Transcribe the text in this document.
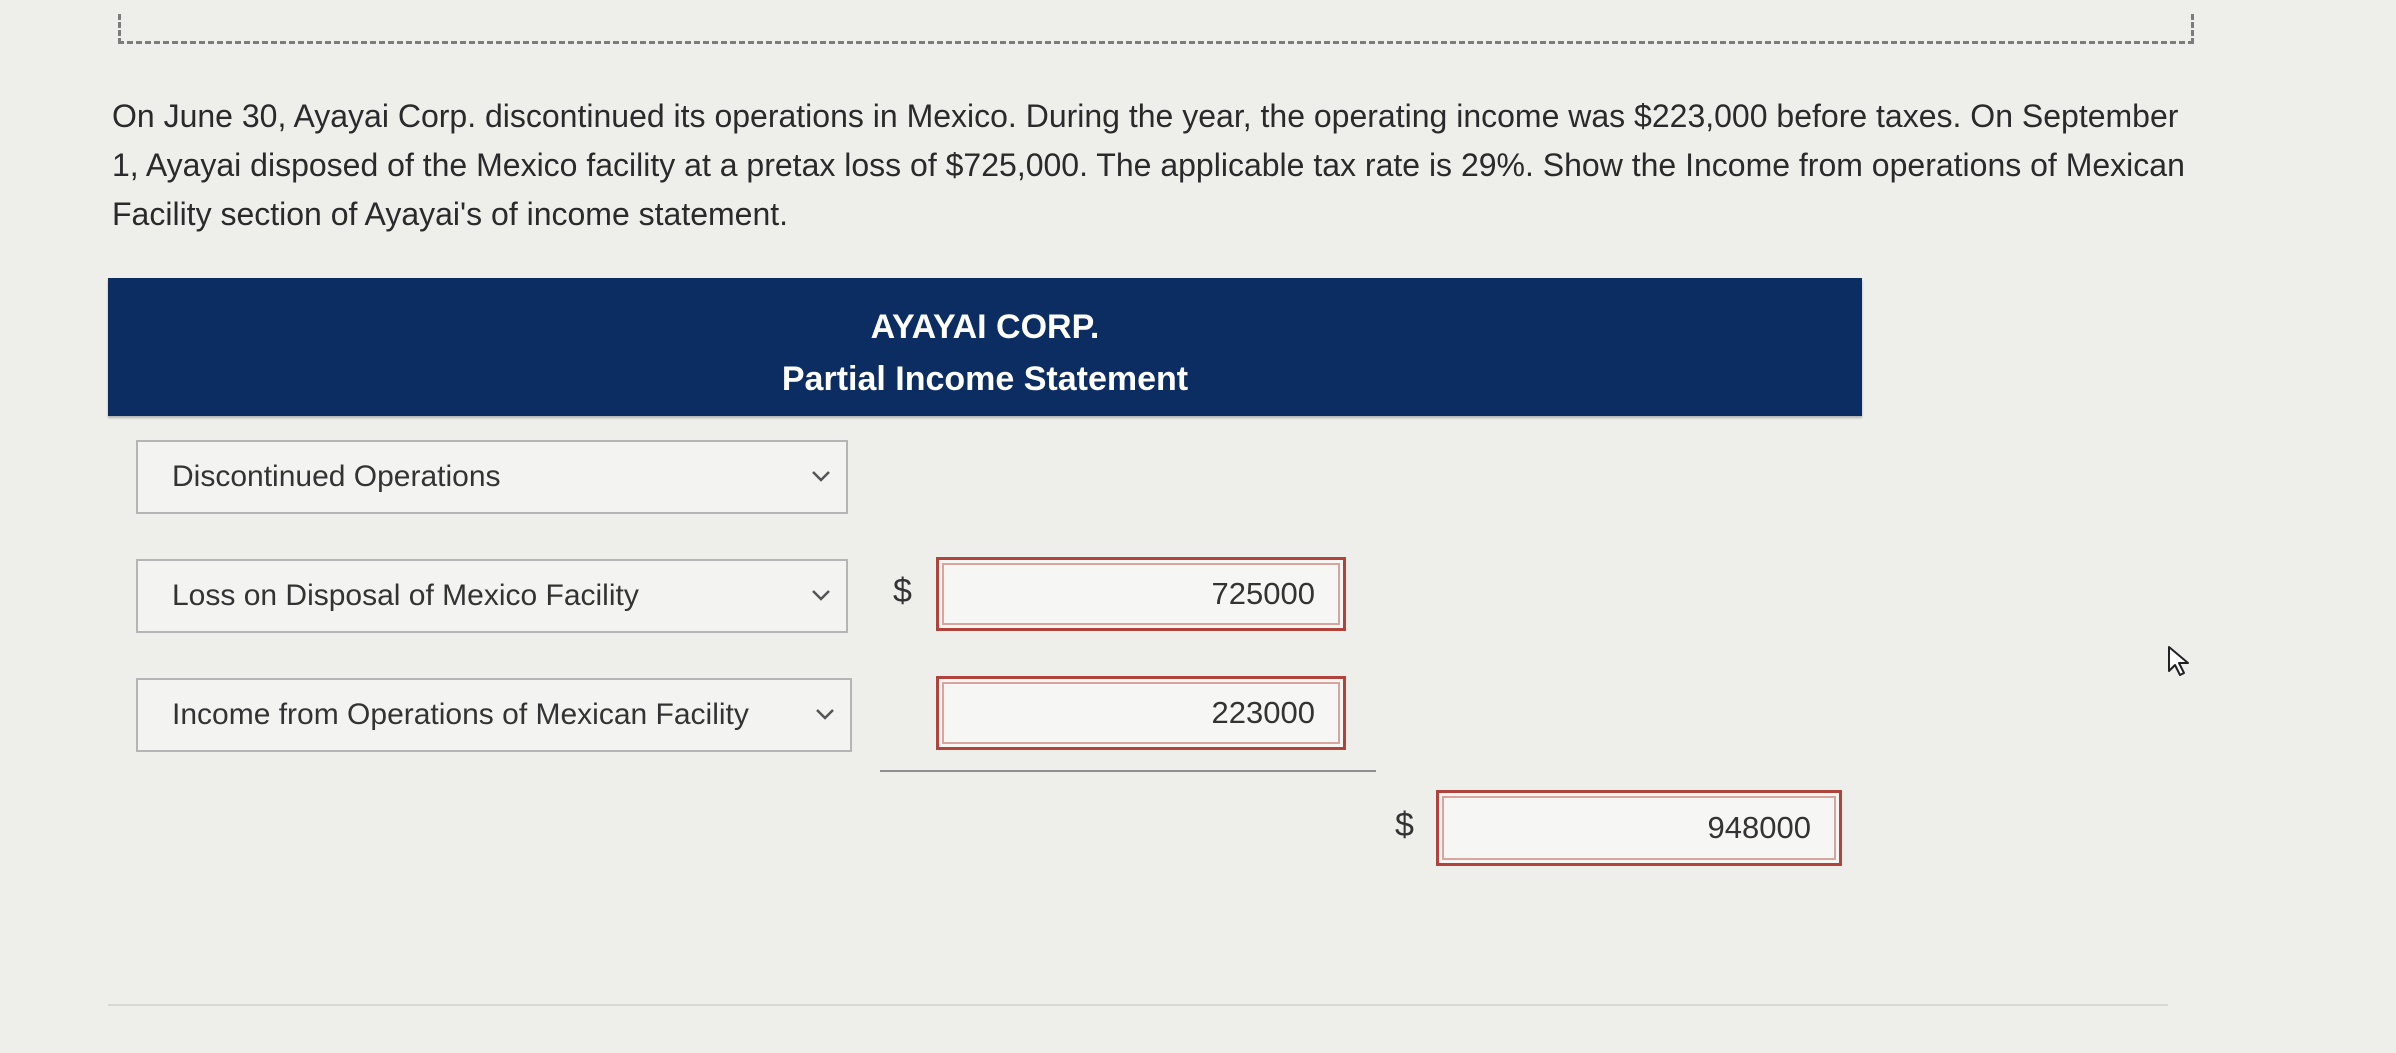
On June 30, Ayayai Corp. discontinued its operations in Mexico. During the year, the operating income was $223,000 before taxes. On September 1, Ayayai disposed of the Mexico facility at a pretax loss of $725,000. The applicable tax rate is 29%. Show the Income from operations of Mexican Facility section of Ayayai's of income statement.
AYAYAI CORP.
Partial Income Statement
Discontinued Operations
Loss on Disposal of Mexico Facility	$	725000
Income from Operations of Mexican Facility	223000
$	948000
